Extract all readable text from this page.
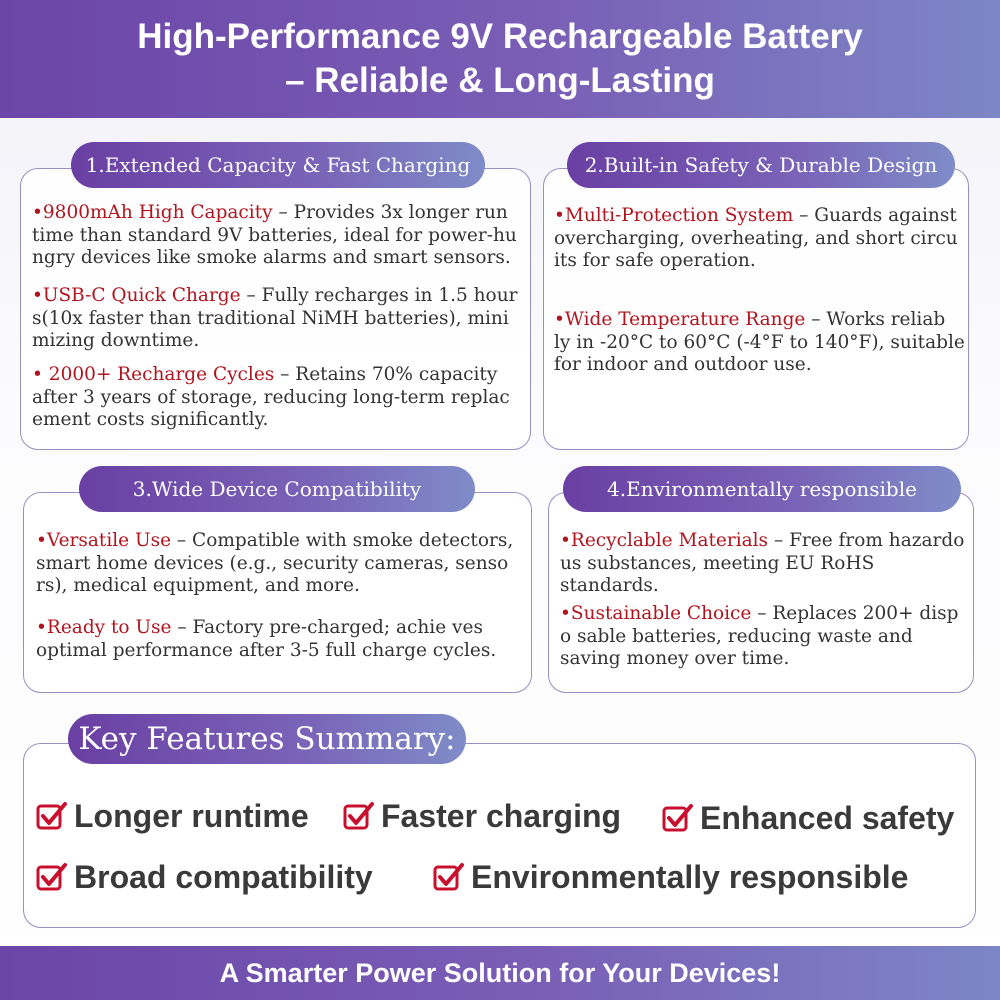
High-Performance 9V Rechargeable Battery
– Reliable & Long-Lasting
1.Extended Capacity & Fast Charging
•9800mAh High Capacity – Provides 3x longer run time than standard 9V batteries, ideal for power-hu ngry devices like smoke alarms and smart sensors.
•USB-C Quick Charge – Fully recharges in 1.5 hour s(10x faster than traditional NiMH batteries), mini mizing downtime.
• 2000+ Recharge Cycles – Retains 70% capacity after 3 years of storage, reducing long-term replac ement costs significantly.
2.Built-in Safety & Durable Design
•Multi-Protection System – Guards against overcharging, overheating, and short circu its for safe operation.
•Wide Temperature Range – Works reliab ly in -20°C to 60°C (-4°F to 140°F), suitable for indoor and outdoor use.
3.Wide Device Compatibility
•Versatile Use – Compatible with smoke detectors, smart home devices (e.g., security cameras, senso rs), medical equipment, and more.
•Ready to Use – Factory pre-charged; achie ves optimal performance after 3-5 full charge cycles.
4.Environmentally responsible
•Recyclable Materials – Free from hazardo us substances, meeting EU RoHS standards.
•Sustainable Choice – Replaces 200+ disp o sable batteries, reducing waste and saving money over time.
Key Features Summary:
Longer runtime Faster charging Enhanced safety
Broad compatibility	Environmentally responsible
A Smarter Power Solution for Your Devices!
